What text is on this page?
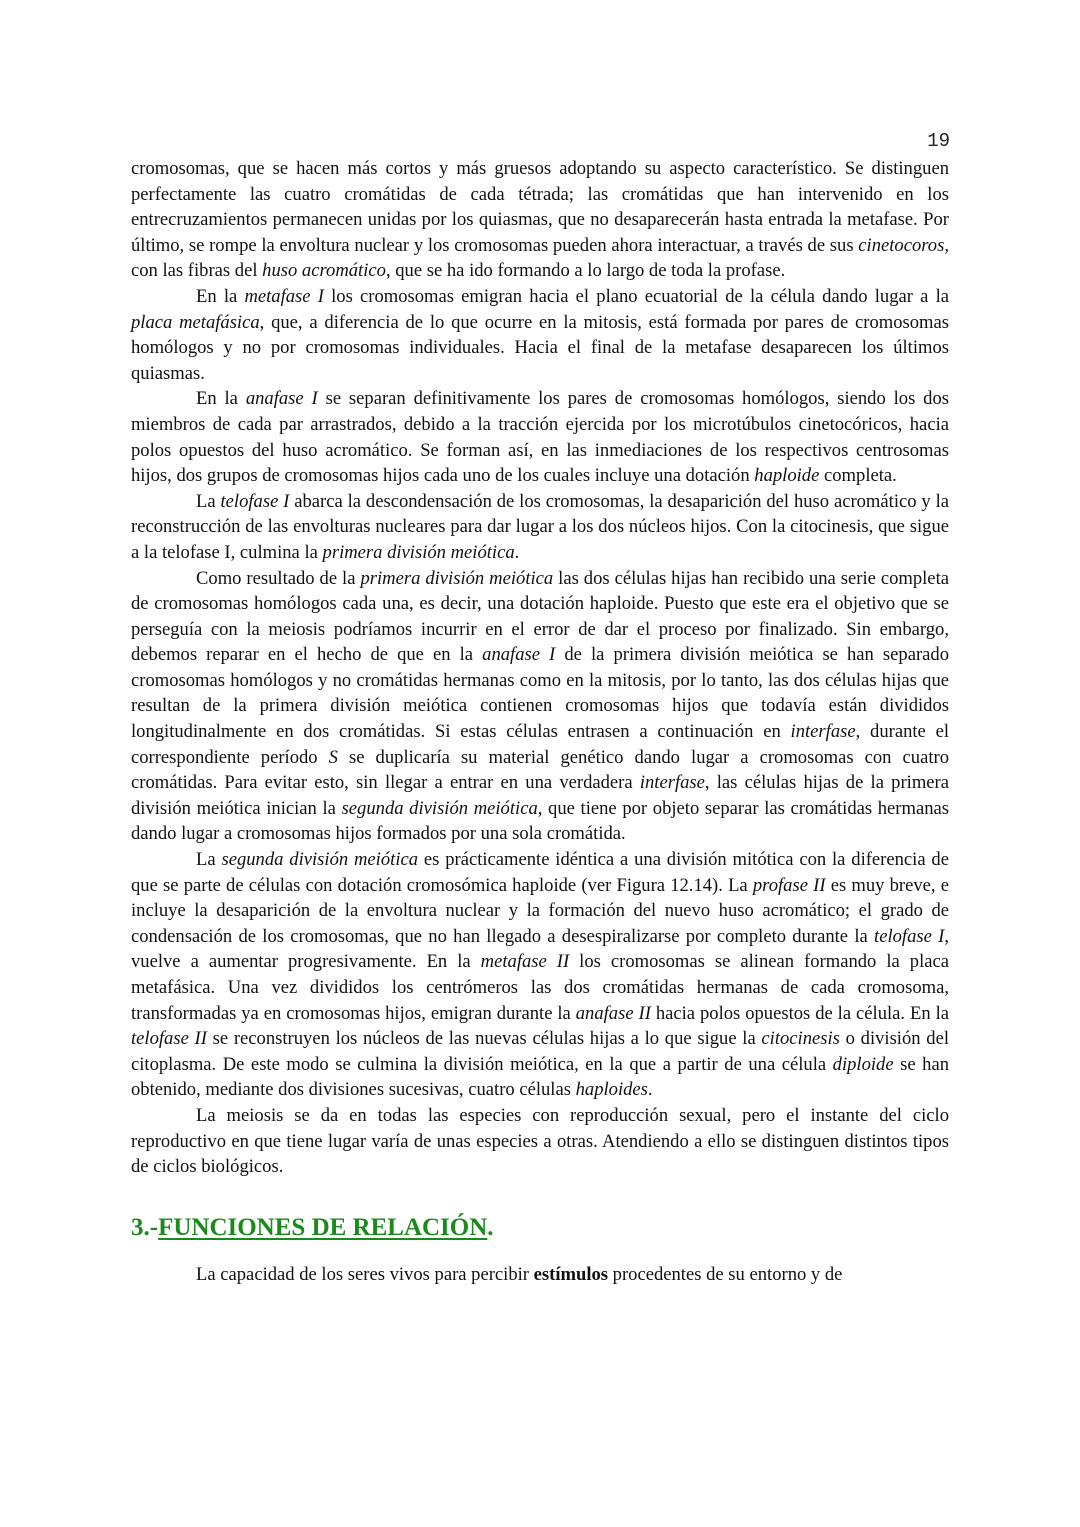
19

cromosomas, que se hacen más cortos y más gruesos adoptando su aspecto característico. Se distinguen perfectamente las cuatro cromátidas de cada tétrada; las cromátidas que han intervenido en los entrecruzamientos permanecen unidas por los quiasmas, que no desaparecerán hasta entrada la metafase. Por último, se rompe la envoltura nuclear y los cromosomas pueden ahora interactuar, a través de sus cinetocoros, con las fibras del huso acromático, que se ha ido formando a lo largo de toda la profase.

En la metafase I los cromosomas emigran hacia el plano ecuatorial de la célula dando lugar a la placa metafásica, que, a diferencia de lo que ocurre en la mitosis, está formada por pares de cromosomas homólogos y no por cromosomas individuales. Hacia el final de la metafase desaparecen los últimos quiasmas.

En la anafase I se separan definitivamente los pares de cromosomas homólogos, siendo los dos miembros de cada par arrastrados, debido a la tracción ejercida por los microtúbulos cinetocóricos, hacia polos opuestos del huso acromático. Se forman así, en las inmediaciones de los respectivos centrosomas hijos, dos grupos de cromosomas hijos cada uno de los cuales incluye una dotación haploide completa.

La telofase I abarca la descondensación de los cromosomas, la desaparición del huso acromático y la reconstrucción de las envolturas nucleares para dar lugar a los dos núcleos hijos. Con la citocinesis, que sigue a la telofase I, culmina la primera división meiótica.

Como resultado de la primera división meiótica las dos células hijas han recibido una serie completa de cromosomas homólogos cada una, es decir, una dotación haploide. Puesto que este era el objetivo que se perseguía con la meiosis podríamos incurrir en el error de dar el proceso por finalizado. Sin embargo, debemos reparar en el hecho de que en la anafase I de la primera división meiótica se han separado cromosomas homólogos y no cromátidas hermanas como en la mitosis, por lo tanto, las dos células hijas que resultan de la primera división meiótica contienen cromosomas hijos que todavía están divididos longitudinalmente en dos cromátidas. Si estas células entrasen a continuación en interfase, durante el correspondiente período S se duplicaría su material genético dando lugar a cromosomas con cuatro cromátidas. Para evitar esto, sin llegar a entrar en una verdadera interfase, las células hijas de la primera división meiótica inician la segunda división meiótica, que tiene por objeto separar las cromátidas hermanas dando lugar a cromosomas hijos formados por una sola cromátida.

La segunda división meiótica es prácticamente idéntica a una división mitótica con la diferencia de que se parte de células con dotación cromosómica haploide (ver Figura 12.14). La profase II es muy breve, e incluye la desaparición de la envoltura nuclear y la formación del nuevo huso acromático; el grado de condensación de los cromosomas, que no han llegado a desespiralizarse por completo durante la telofase I, vuelve a aumentar progresivamente. En la metafase II los cromosomas se alinean formando la placa metafásica. Una vez divididos los centrómeros las dos cromátidas hermanas de cada cromosoma, transformadas ya en cromosomas hijos, emigran durante la anafase II hacia polos opuestos de la célula. En la telofase II se reconstruyen los núcleos de las nuevas células hijas a lo que sigue la citocinesis o división del citoplasma. De este modo se culmina la división meiótica, en la que a partir de una célula diploide se han obtenido, mediante dos divisiones sucesivas, cuatro células haploides.

La meiosis se da en todas las especies con reproducción sexual, pero el instante del ciclo reproductivo en que tiene lugar varía de unas especies a otras. Atendiendo a ello se distinguen distintos tipos de ciclos biológicos.

3.-FUNCIONES DE RELACIÓN.

La capacidad de los seres vivos para percibir estímulos procedentes de su entorno y de
